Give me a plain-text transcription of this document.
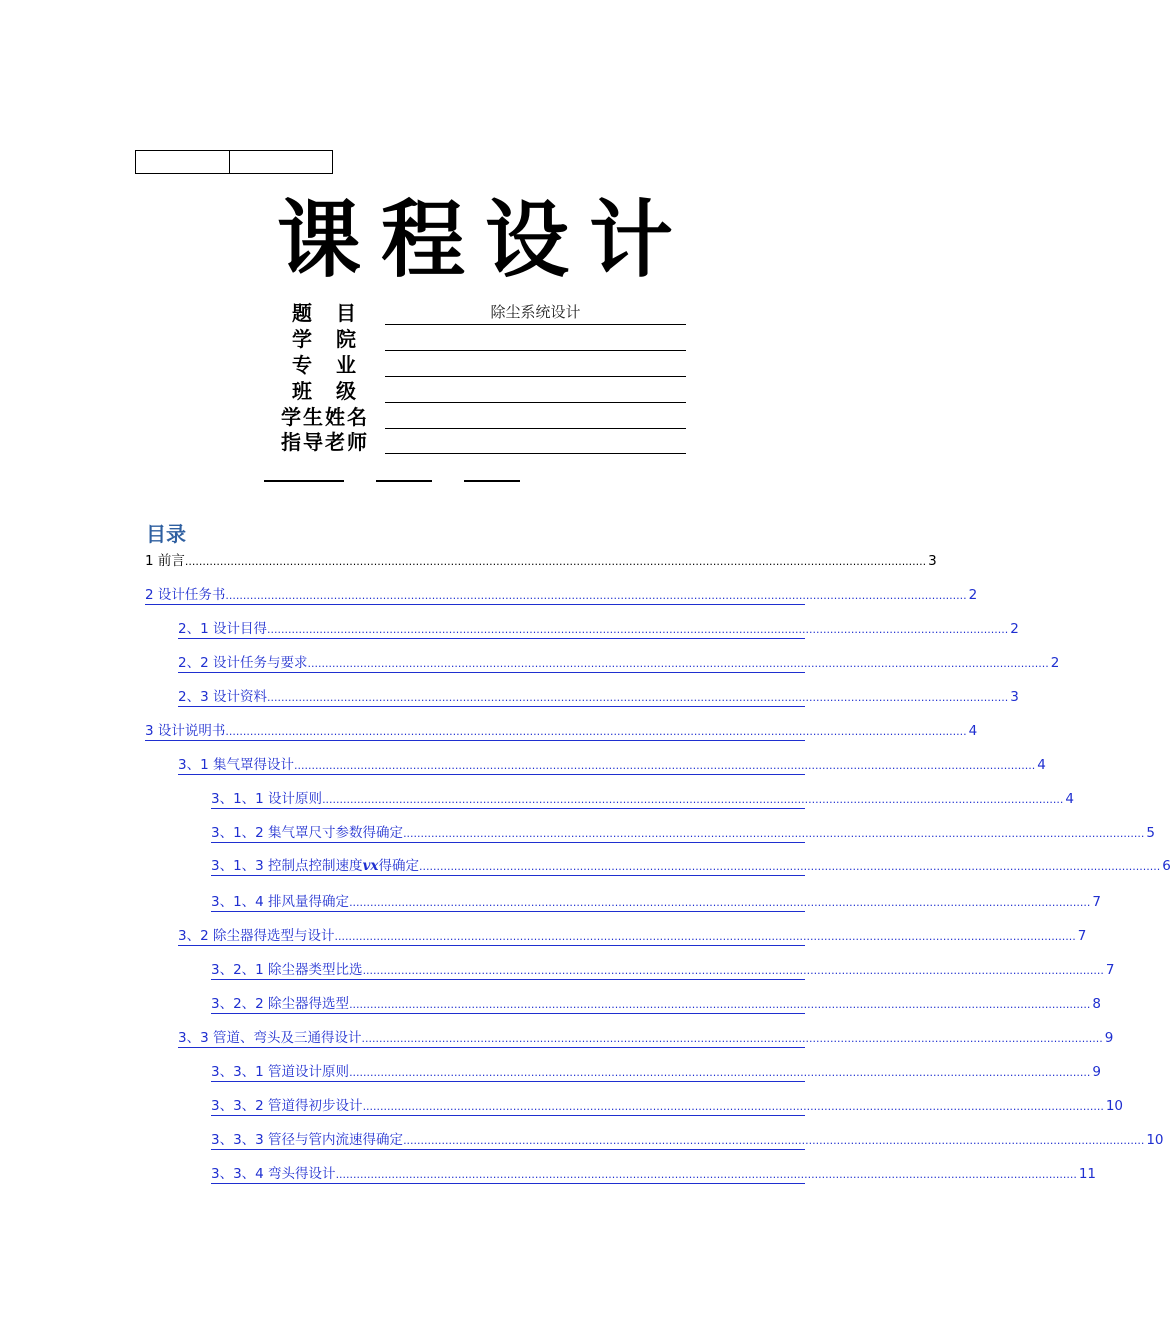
课程设计
题　目	除尘系统设计
学　院
专　业
班　级
学生姓名
指导老师
目录
1 前言 .................................................................................................................................................................................................................... 3
2 设计任务书 .................................................................................................................................................................................................................... 2
2、1 设计目得 .................................................................................................................................................................................................................... 2
2、2 设计任务与要求 .................................................................................................................................................................................................................... 2
2、3 设计资料 .................................................................................................................................................................................................................... 3
3 设计说明书 .................................................................................................................................................................................................................... 4
3、1 集气罩得设计 .................................................................................................................................................................................................................... 4
3、1、1 设计原则 .................................................................................................................................................................................................................... 4
3、1、2 集气罩尺寸参数得确定 .................................................................................................................................................................................................................... 5
3、1、3 控制点控制速度 vx 得确定 .................................................................................................................................................................................................................... 6
3、1、4 排风量得确定 .................................................................................................................................................................................................................... 7
3、2 除尘器得选型与设计 .................................................................................................................................................................................................................... 7
3、2、1 除尘器类型比选 .................................................................................................................................................................................................................... 7
3、2、2 除尘器得选型 .................................................................................................................................................................................................................... 8
3、3 管道、弯头及三通得设计 .................................................................................................................................................................................................................... 9
3、3、1 管道设计原则 .................................................................................................................................................................................................................... 9
3、3、2 管道得初步设计 .................................................................................................................................................................................................................... 10
3、3、3 管径与管内流速得确定 .................................................................................................................................................................................................................... 10
3、3、4 弯头得设计 .................................................................................................................................................................................................................... 11
